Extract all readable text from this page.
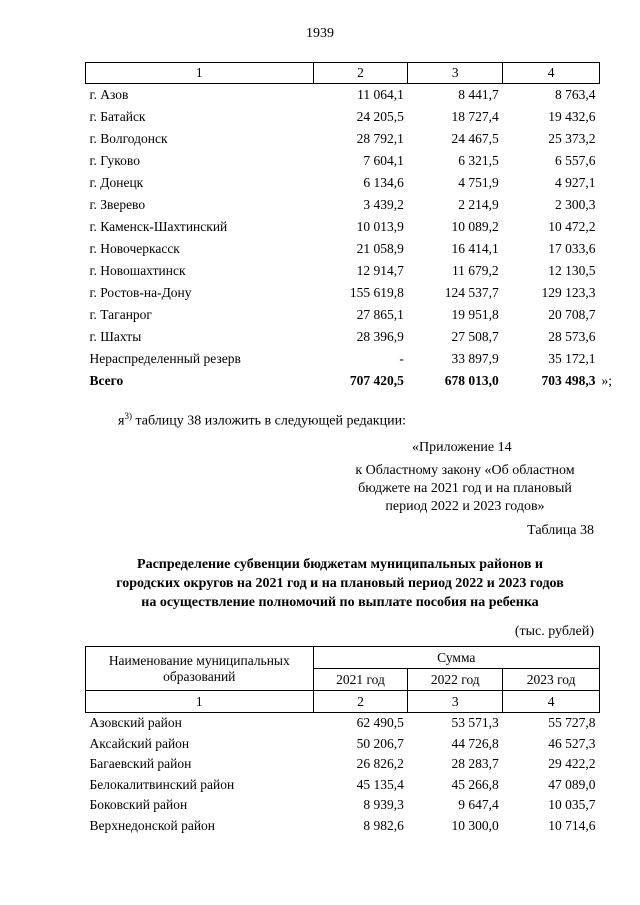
1939
1	2	3	4
г. Азов	11 064,1	8 441,7	8 763,4
г. Батайск	24 205,5	18 727,4	19 432,6
г. Волгодонск	28 792,1	24 467,5	25 373,2
г. Гуково	7 604,1	6 321,5	6 557,6
г. Донецк	6 134,6	4 751,9	4 927,1
г. Зверево	3 439,2	2 214,9	2 300,3
г. Каменск-Шахтинский	10 013,9	10 089,2	10 472,2
г. Новочеркасск	21 058,9	16 414,1	17 033,6
г. Новошахтинск	12 914,7	11 679,2	12 130,5
г. Ростов-на-Дону	155 619,8	124 537,7	129 123,3
г. Таганрог	27 865,1	19 951,8	20 708,7
г. Шахты	28 396,9	27 508,7	28 573,6
Нераспределенный резерв	-	33 897,9	35 172,1
Всего	707 420,5	678 013,0	703 498,3 »;
$я^{3)}$ таблицу 38 изложить в следующей редакции:
«Приложение 14
к Областному закону «Об областном
бюджете на 2021 год и на плановый
период 2022 и 2023 годов»
Таблица 38
Распределение субвенции бюджетам муниципальных районов и
городских округов на 2021 год и на плановый период 2022 и 2023 годов
на осуществление полномочий по выплате пособия на ребенка
(тыс. рублей)
Наименование муниципальных образований	Сумма		
	2021 год	2022 год	2023 год
1	2	3	4
Азовский район	62 490,5	53 571,3	55 727,8
Аксайский район	50 206,7	44 726,8	46 527,3
Багаевский район	26 826,2	28 283,7	29 422,2
Белокалитвинский район	45 135,4	45 266,8	47 089,0
Боковский район	8 939,3	9 647,4	10 035,7
Верхнедонской район	8 982,6	10 300,0	10 714,6
